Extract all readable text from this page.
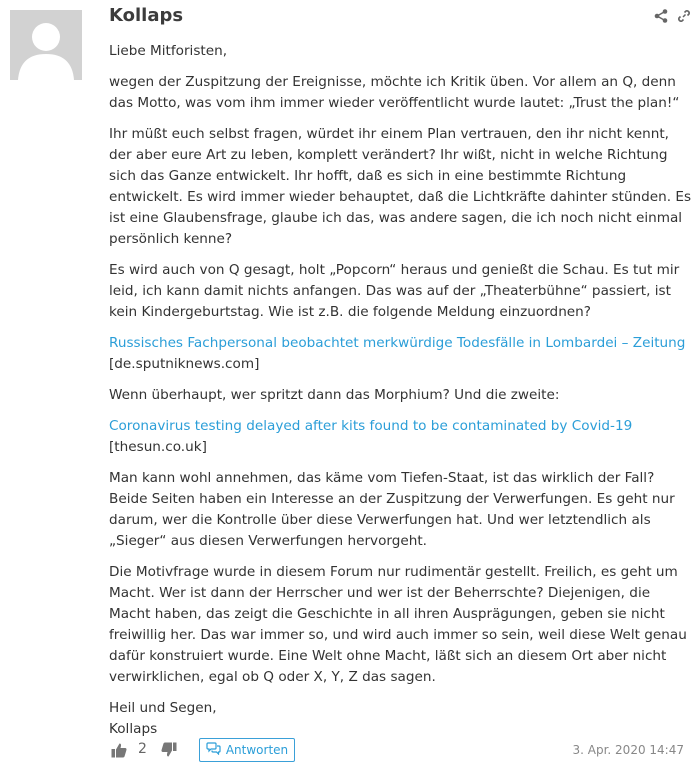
Kollaps

Liebe Mitforisten,

wegen der Zuspitzung der Ereignisse, möchte ich Kritik üben. Vor allem an Q, denn das Motto, was vom ihm immer wieder veröffentlicht wurde lautet: „Trust the plan!“

Ihr müßt euch selbst fragen, würdet ihr einem Plan vertrauen, den ihr nicht kennt, der aber eure Art zu leben, komplett verändert? Ihr wißt, nicht in welche Richtung sich das Ganze entwickelt. Ihr hofft, daß es sich in eine bestimmte Richtung entwickelt. Es wird immer wieder behauptet, daß die Lichtkräfte dahinter stünden. Es ist eine Glaubensfrage, glaube ich das, was andere sagen, die ich noch nicht einmal persönlich kenne?

Es wird auch von Q gesagt, holt „Popcorn“ heraus und genießt die Schau. Es tut mir leid, ich kann damit nichts anfangen. Das was auf der „Theaterbühne“ passiert, ist kein Kindergeburtstag. Wie ist z.B. die folgende Meldung einzuordnen?

Russisches Fachpersonal beobachtet merkwürdige Todesfälle in Lombardei – Zeitung
[de.sputniknews.com]

Wenn überhaupt, wer spritzt dann das Morphium? Und die zweite:

Coronavirus testing delayed after kits found to be contaminated by Covid-19
[thesun.co.uk]

Man kann wohl annehmen, das käme vom Tiefen-Staat, ist das wirklich der Fall? Beide Seiten haben ein Interesse an der Zuspitzung der Verwerfungen. Es geht nur darum, wer die Kontrolle über diese Verwerfungen hat. Und wer letztendlich als „Sieger“ aus diesen Verwerfungen hervorgeht.

Die Motivfrage wurde in diesem Forum nur rudimentär gestellt. Freilich, es geht um Macht. Wer ist dann der Herrscher und wer ist der Beherrschte? Diejenigen, die Macht haben, das zeigt die Geschichte in all ihren Ausprägungen, geben sie nicht freiwillig her. Das war immer so, und wird auch immer so sein, weil diese Welt genau dafür konstruiert wurde. Eine Welt ohne Macht, läßt sich an diesem Ort aber nicht verwirklichen, egal ob Q oder X, Y, Z das sagen.

Heil und Segen,
Kollaps

2	Antworten	3. Apr. 2020 14:47
